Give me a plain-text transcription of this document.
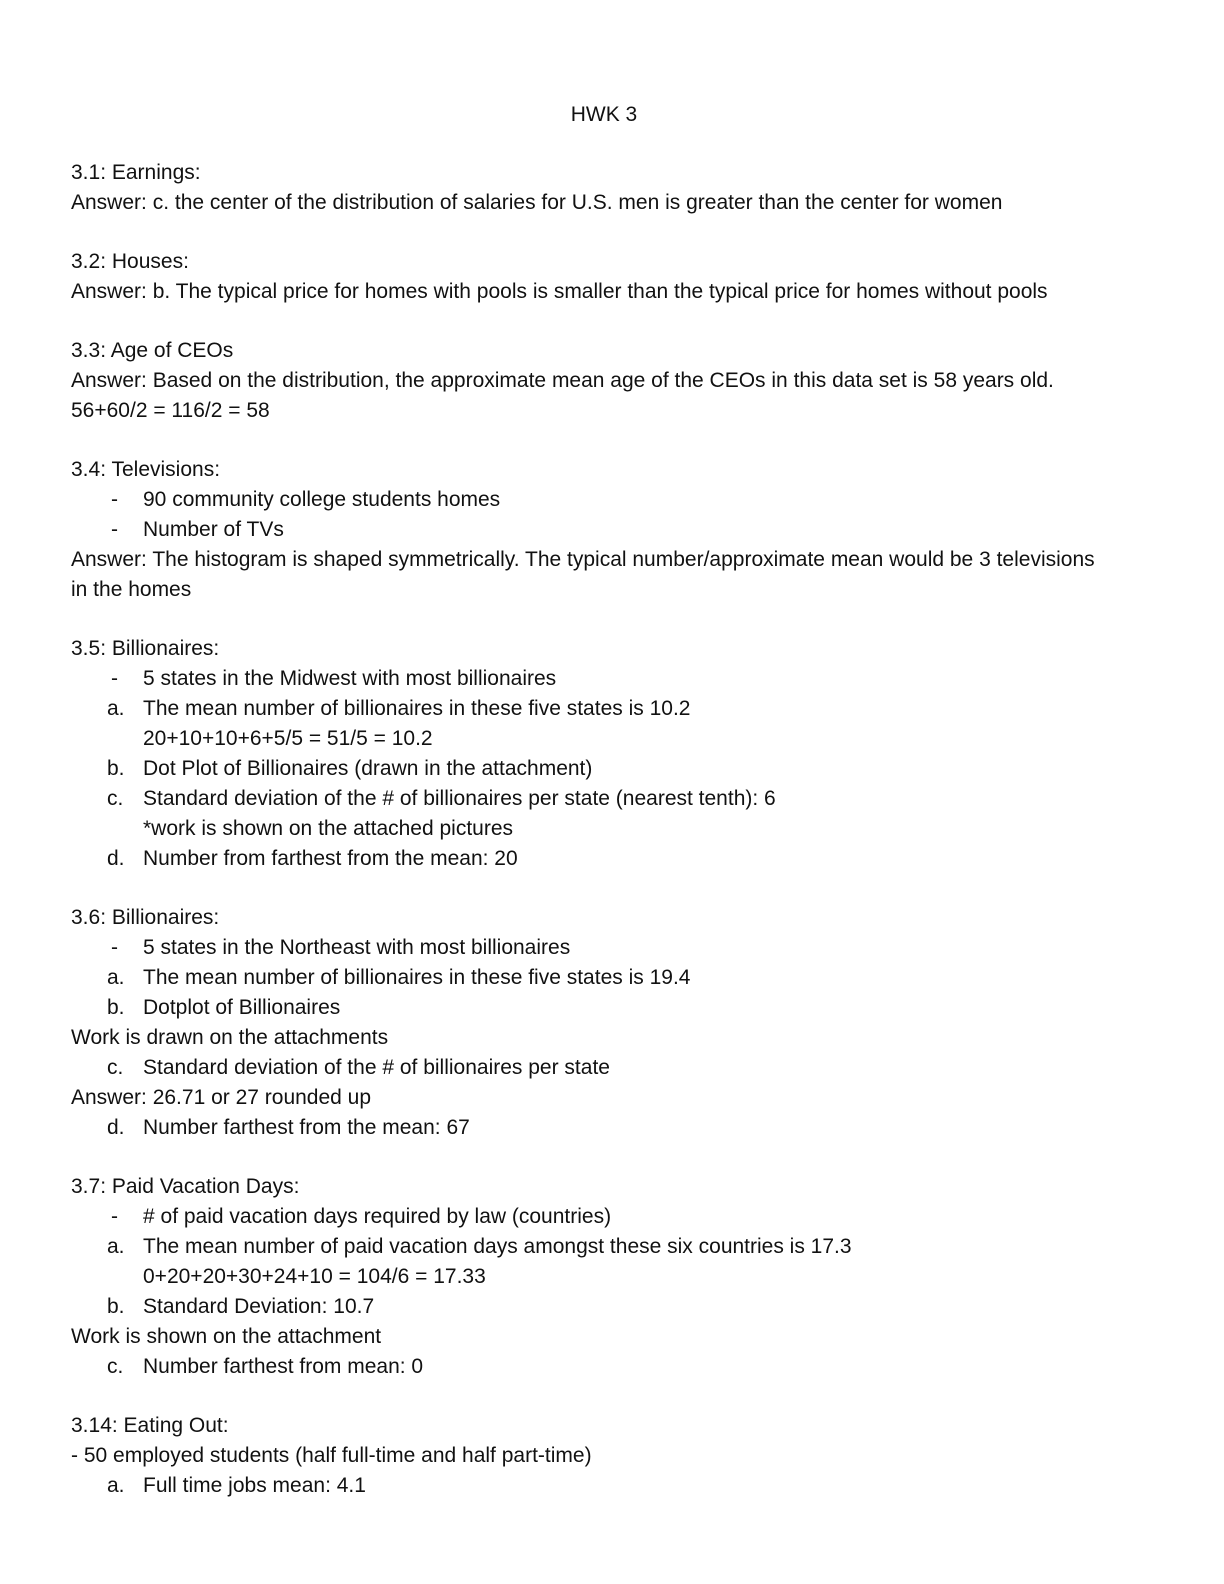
HWK 3
3.1: Earnings:
Answer: c. the center of the distribution of salaries for U.S. men is greater than the center for women
3.2: Houses:
Answer: b. The typical price for homes with pools is smaller than the typical price for homes without pools
3.3: Age of CEOs
Answer: Based on the distribution, the approximate mean age of the CEOs in this data set is 58 years old.
56+60/2 = 116/2 = 58
3.4: Televisions:
- 90 community college students homes
- Number of TVs
Answer: The histogram is shaped symmetrically. The typical number/approximate mean would be 3 televisions
in the homes
3.5: Billionaires:
- 5 states in the Midwest with most billionaires
a. The mean number of billionaires in these five states is 10.2
20+10+10+6+5/5 = 51/5 = 10.2
b. Dot Plot of Billionaires (drawn in the attachment)
c. Standard deviation of the # of billionaires per state (nearest tenth): 6
*work is shown on the attached pictures
d. Number from farthest from the mean: 20
3.6: Billionaires:
- 5 states in the Northeast with most billionaires
a. The mean number of billionaires in these five states is 19.4
b. Dotplot of Billionaires
Work is drawn on the attachments
c. Standard deviation of the # of billionaires per state
Answer: 26.71 or 27 rounded up
d. Number farthest from the mean: 67
3.7: Paid Vacation Days:
- # of paid vacation days required by law (countries)
a. The mean number of paid vacation days amongst these six countries is 17.3
0+20+20+30+24+10 = 104/6 = 17.33
b. Standard Deviation: 10.7
Work is shown on the attachment
c. Number farthest from mean: 0
3.14: Eating Out:
- 50 employed students (half full-time and half part-time)
a. Full time jobs mean: 4.1
